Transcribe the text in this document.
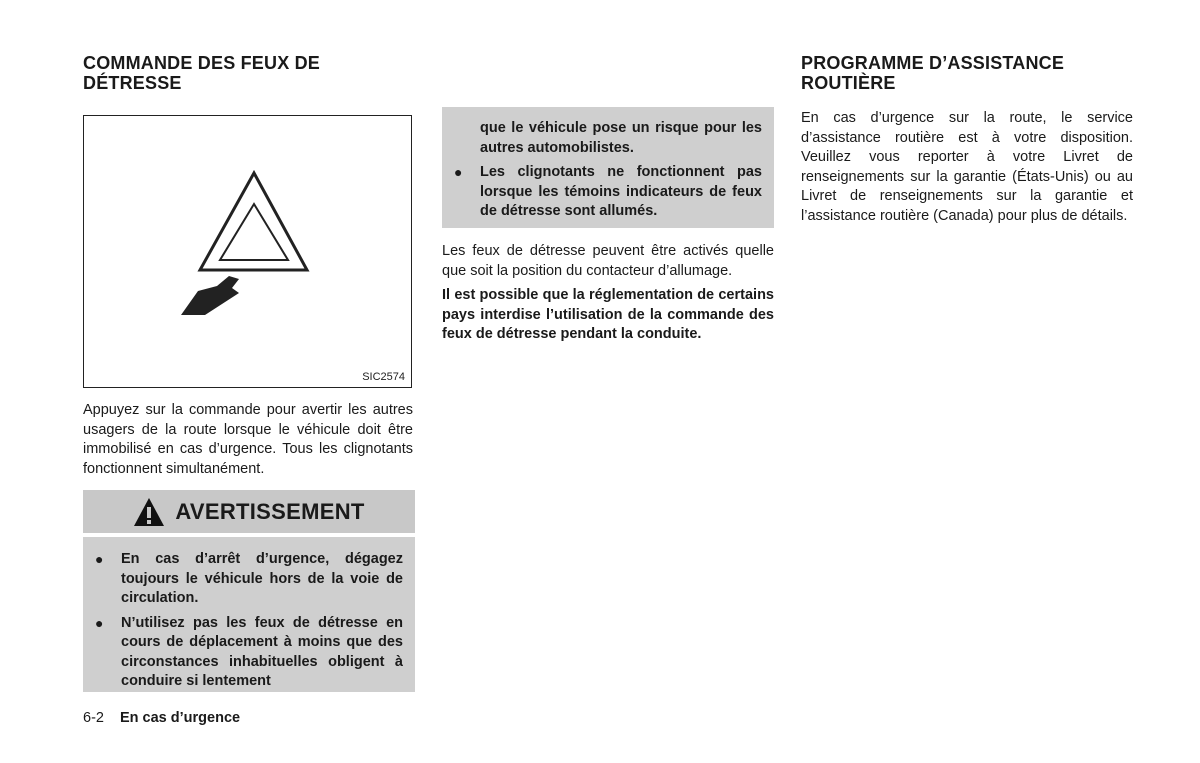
COMMANDE DES FEUX DE
DÉTRESSE
SIC2574

Appuyez sur la commande pour avertir les autres usagers de la route lorsque le véhicule doit être immobilisé en cas d’urgence. Tous les clignotants fonctionnent simultanément.

AVERTISSEMENT
● En cas d’arrêt d’urgence, dégagez toujours le véhicule hors de la voie de circulation.
● N’utilisez pas les feux de détresse en cours de déplacement à moins que des circonstances inhabituelles obligent à conduire si lentement

que le véhicule pose un risque pour les autres automobilistes.

● Les clignotants ne fonctionnent pas lorsque les témoins indicateurs de feux de détresse sont allumés.

Les feux de détresse peuvent être activés quelle que soit la position du contacteur d’allumage.

Il est possible que la réglementation de certains pays interdise l’utilisation de la commande des feux de détresse pendant la conduite.

PROGRAMME D’ASSISTANCE
ROUTIÈRE

En cas d’urgence sur la route, le service d’assistance routière est à votre disposition. Veuillez vous reporter à votre Livret de renseignements sur la garantie (États-Unis) ou au Livret de renseignements sur la garantie et l’assistance routière (Canada) pour plus de détails.

6-2 En cas d’urgence
